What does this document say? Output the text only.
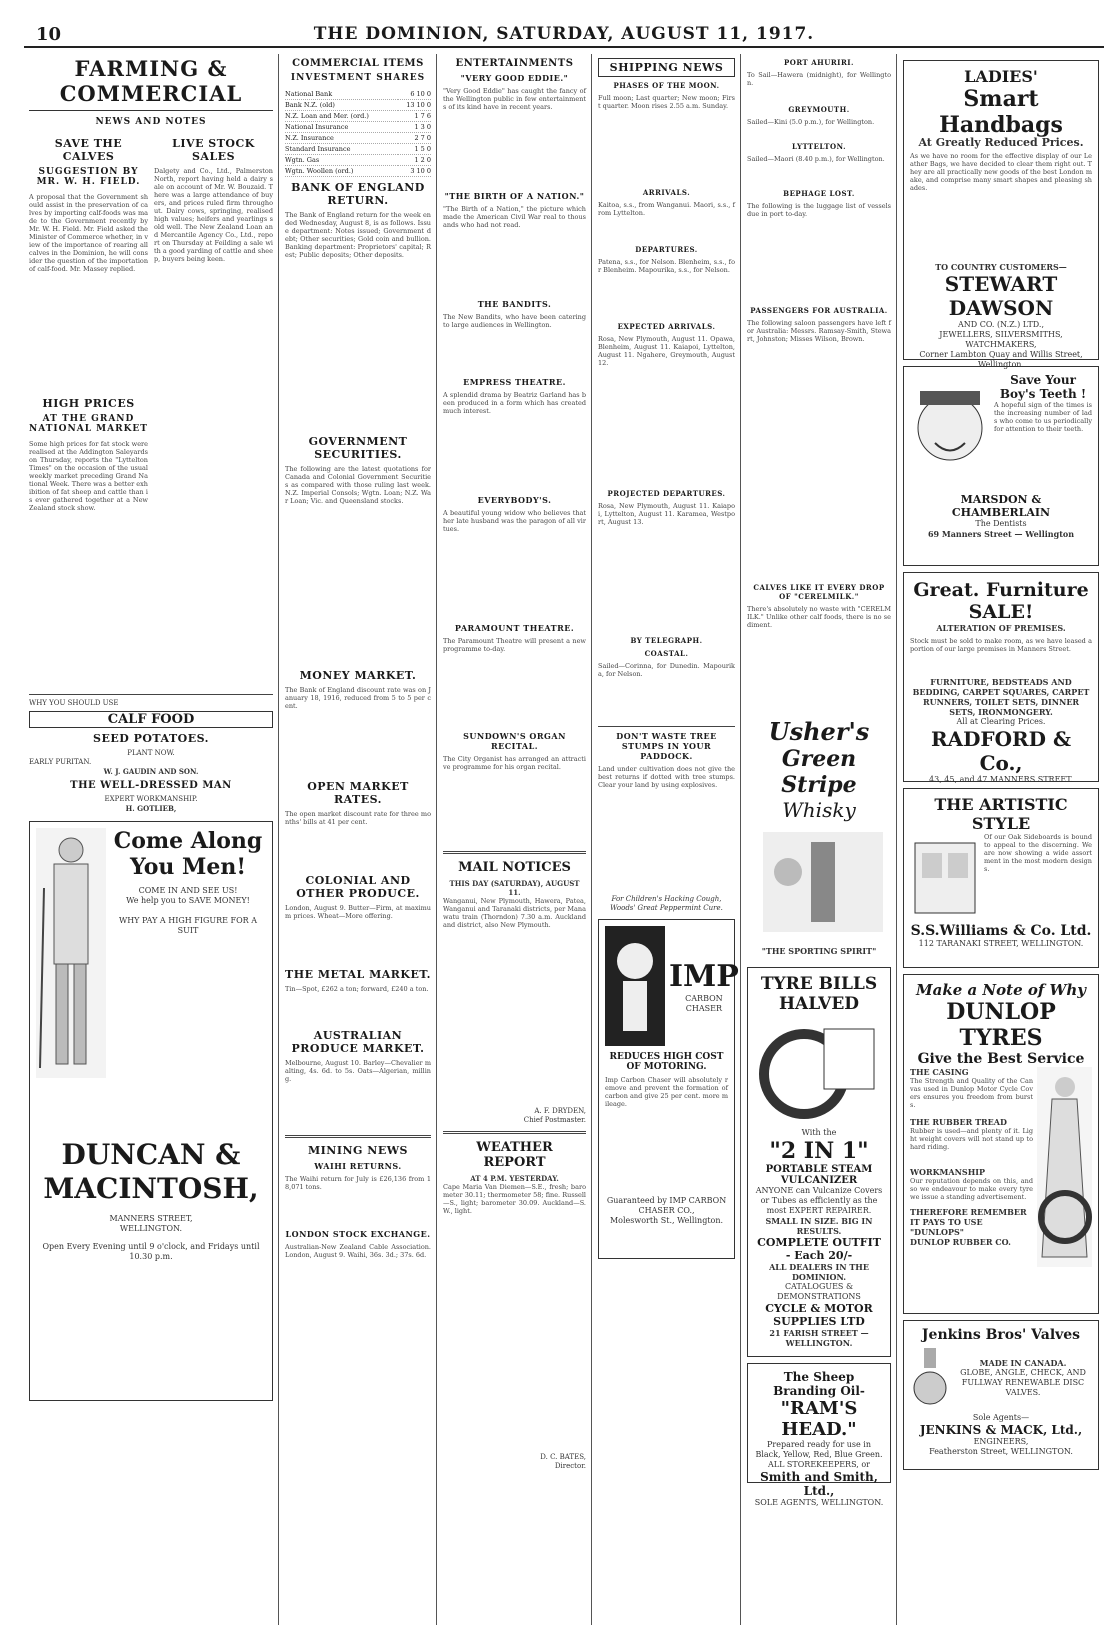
10	THE DOMINION, SATURDAY, AUGUST 11, 1917.
FARMING & COMMERCIAL
NEWS AND NOTES
SAVE THE CALVES
SUGGESTION BY MR. W. H. FIELD.
A proposal that the Government should assist in the preservation of calves by importing calf-foods was made to the Government recently by Mr. W. H. Field. Mr. Field asked the Minister of Commerce whether, in view of the importance of rearing all calves in the Dominion, he will consider the question of the importation of calf-food. Mr. Massey replied.
HIGH PRICES
AT THE GRAND NATIONAL MARKET
Some high prices for fat stock were realised at the Addington Saleyards on Thursday, reports the "Lyttelton Times" on the occasion of the usual weekly market preceding Grand National Week. There was a better exhibition of fat sheep and cattle than is ever gathered together at a New Zealand stock show.
LIVE STOCK SALES
Dalgety and Co., Ltd., Palmerston North, report having held a dairy sale on account of Mr. W. Bouzaid. There was a large attendance of buyers, and prices ruled firm throughout. Dairy cows, springing, realised high values; heifers and yearlings sold well. The New Zealand Loan and Mercantile Agency Co., Ltd., report on Thursday at Feilding a sale with a good yarding of cattle and sheep, buyers being keen.
WHY YOU SHOULD USE
CALF FOOD
SEED POTATOES.
PLANT NOW.
EARLY PURITAN.
W. J. GAUDIN AND SON.
THE WELL-DRESSED MAN
EXPERT WORKMANSHIP.
H. GOTLIEB,
Come Along
You Men!
COME IN AND SEE US!
We help you to SAVE MONEY!
WHY PAY A HIGH FIGURE FOR A SUIT
DUNCAN & MACINTOSH,
MANNERS STREET,
WELLINGTON.
Open Every Evening until 9 o'clock, and Fridays until 10.30 p.m.
COMMERCIAL ITEMS
INVESTMENT SHARES
National Bank	6 10 0
Bank N.Z. (old)	13 10 0
N.Z. Loan and Mer. (ord.)	1 7 6
National Insurance	1 3 0
N.Z. Insurance	2 7 0
Standard Insurance	1 5 0
Wgtn. Gas	1 2 0
Wgtn. Woollen (ord.)	3 10 0
BANK OF ENGLAND RETURN.
The Bank of England return for the week ended Wednesday, August 8, is as follows. Issue department: Notes issued; Government debt; Other securities; Gold coin and bullion. Banking department: Proprietors' capital; Rest; Public deposits; Other deposits.
GOVERNMENT SECURITIES.
The following are the latest quotations for Canada and Colonial Government Securities as compared with those ruling last week. N.Z. Imperial Consols; Wgtn. Loan; N.Z. War Loan; Vic. and Queensland stocks.
MONEY MARKET.
The Bank of England discount rate was on January 18, 1916, reduced from 5 to 5 per cent.
OPEN MARKET RATES.
The open market discount rate for three months' bills at 41 per cent.
COLONIAL AND OTHER PRODUCE.
London, August 9. Butter—Firm, at maximum prices. Wheat—More offering.
THE METAL MARKET.
Tin—Spot, £262 a ton; forward, £240 a ton.
AUSTRALIAN PRODUCE MARKET.
Melbourne, August 10. Barley—Chevalier malting, 4s. 6d. to 5s. Oats—Algerian, milling.
MINING NEWS
WAIHI RETURNS.
The Waihi return for July is £26,136 from 18,071 tons.
LONDON STOCK EXCHANGE.
Australian-New Zealand Cable Association. London, August 9. Waihi, 36s. 3d.; 37s. 6d.
ENTERTAINMENTS
"VERY GOOD EDDIE."
"Very Good Eddie" has caught the fancy of the Wellington public in few entertainments of its kind have in recent years.
"THE BIRTH OF A NATION."
"The Birth of a Nation," the picture which made the American Civil War real to thousands who had not read.
THE BANDITS.
The New Bandits, who have been catering to large audiences in Wellington.
EMPRESS THEATRE.
A splendid drama by Beatriz Garland has been produced in a form which has created much interest.
EVERYBODY'S.
A beautiful young widow who believes that her late husband was the paragon of all virtues.
PARAMOUNT THEATRE.
The Paramount Theatre will present a new programme to-day.
SUNDOWN'S ORGAN RECITAL.
The City Organist has arranged an attractive programme for his organ recital.
MAIL NOTICES
THIS DAY (SATURDAY), AUGUST 11.
Wanganui, New Plymouth, Hawera, Patea, Wanganui and Taranaki districts, per Manawatu train (Thorndon) 7.30 a.m. Auckland and district, also New Plymouth.
A. F. DRYDEN,
Chief Postmaster.
WEATHER REPORT
AT 4 P.M. YESTERDAY.
Cape Maria Van Diemen—S.E., fresh; barometer 30.11; thermometer 58; fine. Russell—S., light; barometer 30.09. Auckland—S.W., light.
D. C. BATES,
Director.
SHIPPING NEWS
PHASES OF THE MOON.
Full moon; Last quarter; New moon; First quarter. Moon rises 2.55 a.m. Sunday.
ARRIVALS.
Kaitoa, s.s., from Wanganui. Maori, s.s., from Lyttelton.
DEPARTURES.
Patena, s.s., for Nelson. Blenheim, s.s., for Blenheim. Mapourika, s.s., for Nelson.
EXPECTED ARRIVALS.
Rosa, New Plymouth, August 11. Opawa, Blenheim, August 11. Kaiapoi, Lyttelton, August 11. Ngahere, Greymouth, August 12.
PROJECTED DEPARTURES.
Rosa, New Plymouth, August 11. Kaiapoi, Lyttelton, August 11. Karamea, Westport, August 13.
BY TELEGRAPH.
COASTAL.
Sailed—Corinna, for Dunedin. Mapourika, for Nelson.
DON'T WASTE TREE STUMPS IN YOUR PADDOCK.
Land under cultivation does not give the best returns if dotted with tree stumps. Clear your land by using explosives.
For Children's Hacking Cough, Woods' Great Peppermint Cure.
IMP
CARBON CHASER
REDUCES HIGH COST OF MOTORING.
Imp Carbon Chaser will absolutely remove and prevent the formation of carbon and give 25 per cent. more mileage.
Guaranteed by IMP CARBON CHASER CO.,
Molesworth St., Wellington.
PORT AHURIRI.
To Sail—Hawera (midnight), for Wellington.
GREYMOUTH.
Sailed—Kini (5.0 p.m.), for Wellington.
LYTTELTON.
Sailed—Maori (8.40 p.m.), for Wellington.
BEPHAGE LOST.
The following is the luggage list of vessels due in port to-day.
PASSENGERS FOR AUSTRALIA.
The following saloon passengers have left for Australia: Messrs. Ramsay-Smith, Stewart, Johnston; Misses Wilson, Brown.
CALVES LIKE IT EVERY DROP OF "CERELMILK."
There's absolutely no waste with "CERELMILK." Unlike other calf foods, there is no sediment.
Usher's
Green Stripe
Whisky
"THE SPORTING SPIRIT"
TYRE BILLS HALVED
With the
"2 IN 1"
PORTABLE STEAM VULCANIZER
ANYONE can Vulcanize Covers or Tubes as efficiently as the most EXPERT REPAIRER.
SMALL IN SIZE. BIG IN RESULTS.
COMPLETE OUTFIT - Each 20/-
ALL DEALERS IN THE DOMINION.
CATALOGUES & DEMONSTRATIONS
CYCLE & MOTOR SUPPLIES LTD
21 FARISH STREET — WELLINGTON.
The Sheep Branding Oil-
"RAM'S HEAD."
Prepared ready for use in Black, Yellow, Red, Blue Green.
ALL STOREKEEPERS, or
Smith and Smith, Ltd.,
SOLE AGENTS, WELLINGTON.
LADIES'
Smart Handbags
At Greatly Reduced Prices.
As we have no room for the effective display of our Leather Bags, we have decided to clear them right out. They are all practically new goods of the best London make, and comprise many smart shapes and pleasing shades.
TO COUNTRY CUSTOMERS—
STEWART DAWSON
AND CO. (N.Z.) LTD.,
JEWELLERS, SILVERSMITHS, WATCHMAKERS,
Corner Lambton Quay and Willis Street, Wellington.
Save Your Boy's Teeth !
A hopeful sign of the times is the increasing number of lads who come to us periodically for attention to their teeth.
MARSDON & CHAMBERLAIN
The Dentists
69 Manners Street — Wellington
Great. Furniture SALE!
ALTERATION OF PREMISES.
Stock must be sold to make room, as we have leased a portion of our large premises in Manners Street.
FURNITURE, BEDSTEADS AND BEDDING, CARPET SQUARES, CARPET RUNNERS, TOILET SETS, DINNER SETS, IRONMONGERY.
All at Clearing Prices.
RADFORD & Co.,
43, 45, and 47 MANNERS STREET.
THE ARTISTIC STYLE
Of our Oak Sideboards is bound to appeal to the discerning. We are now showing a wide assortment in the most modern designs.
S.S.Williams & Co. Ltd.
112 TARANAKI STREET, WELLINGTON.
Make a Note of Why
DUNLOP TYRES
Give the Best Service
THE CASING
The Strength and Quality of the Canvas used in Dunlop Motor Cycle Covers ensures you freedom from bursts.
THE RUBBER TREAD
Rubber is used—and plenty of it. Light weight covers will not stand up to hard riding.
WORKMANSHIP
Our reputation depends on this, and so we endeavour to make every tyre we issue a standing advertisement.
THEREFORE REMEMBER
IT PAYS TO USE "DUNLOPS"
DUNLOP RUBBER CO.
Jenkins Bros' Valves
MADE IN CANADA.
GLOBE, ANGLE, CHECK, AND FULLWAY RENEWABLE DISC VALVES.
Sole Agents—
JENKINS & MACK, Ltd.,
ENGINEERS,
Featherston Street, WELLINGTON.
